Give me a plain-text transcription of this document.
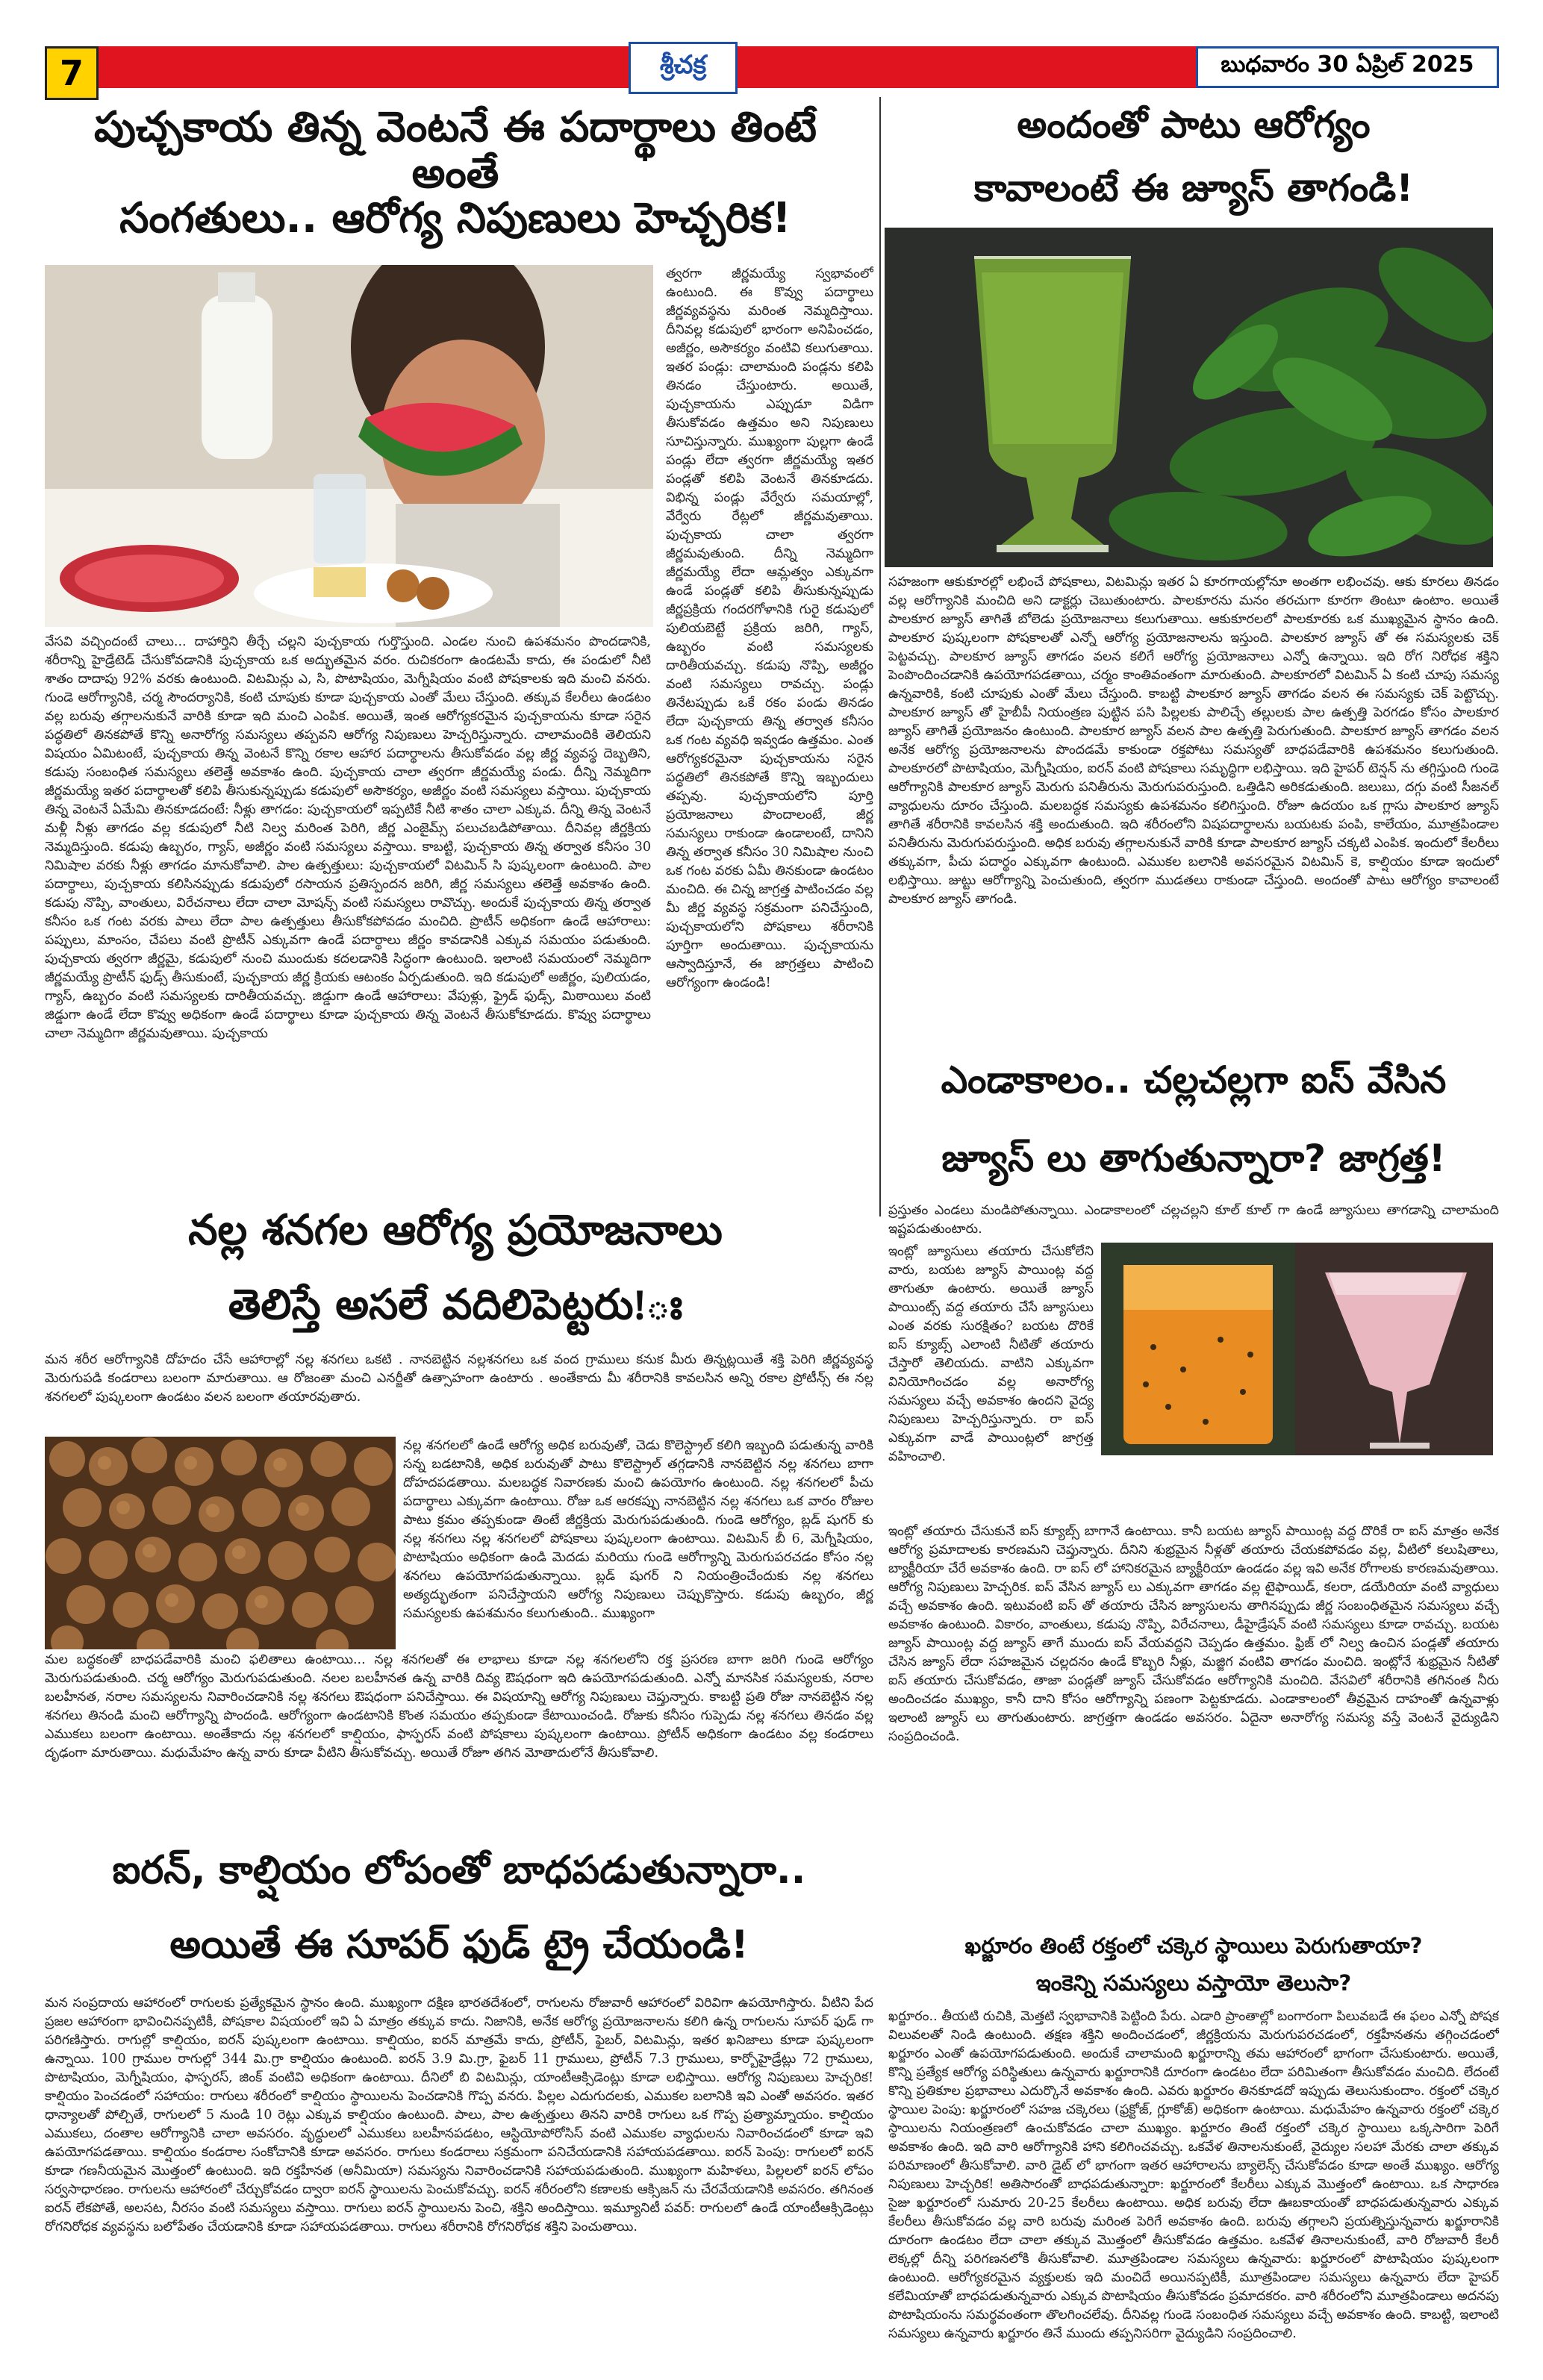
7	శ్రీచక్ర	బుధవారం 30 ఏప్రిల్ 2025
పుచ్చకాయ తిన్న వెంటనే ఈ పదార్థాలు తింటే అంతే
సంగతులు.. ఆరోగ్య నిపుణులు హెచ్చరిక!
త్వరగా జీర్ణమయ్యే స్వభావంలో ఉంటుంది. ఈ కొవ్వు పదార్థాలు జీర్ణవ్యవస్థను మరింత నెమ్మదిస్తాయి. దీనివల్ల కడుపులో భారంగా అనిపించడం, అజీర్ణం, అసౌకర్యం వంటివి కలుగుతాయి. ఇతర పండ్లు: చాలామంది పండ్లను కలిపి తినడం చేస్తుంటారు. అయితే, పుచ్చకాయను ఎప్పుడూ విడిగా తీసుకోవడం ఉత్తమం అని నిపుణులు సూచిస్తున్నారు. ముఖ్యంగా పుల్లగా ఉండే పండ్లు లేదా త్వరగా జీర్ణమయ్యే ఇతర పండ్లతో కలిపి వెంటనే తినకూడదు. విభిన్న పండ్లు వేర్వేరు సమయాల్లో, వేర్వేరు రేట్లలో జీర్ణమవుతాయి. పుచ్చకాయ చాలా త్వరగా జీర్ణమవుతుంది. దీన్ని నెమ్మదిగా జీర్ణమయ్యే లేదా ఆమ్లత్వం ఎక్కువగా ఉండే పండ్లతో కలిపి తీసుకున్నప్పుడు జీర్ణప్రక్రియ గందరగోళానికి గురై కడుపులో పులియబెట్టే ప్రక్రియ జరిగి, గ్యాస్, ఉబ్బరం వంటి సమస్యలకు దారితీయవచ్చు. కడుపు నొప్పి, అజీర్ణం వంటి సమస్యలు రావచ్చు. పండ్లు తినేటప్పుడు ఒకే రకం పండు తినడం లేదా పుచ్చకాయ తిన్న తర్వాత కనీసం ఒక గంట వ్యవధి ఇవ్వడం ఉత్తమం. ఎంత ఆరోగ్యకరమైనా పుచ్చకాయను సరైన పద్ధతిలో తినకపోతే కొన్ని ఇబ్బందులు తప్పవు. పుచ్చకాయలోని పూర్తి ప్రయోజనాలు పొందాలంటే, జీర్ణ సమస్యలు రాకుండా ఉండాలంటే, దానిని తిన్న తర్వాత కనీసం 30 నిమిషాల నుంచి ఒక గంట వరకు ఏమీ తినకుండా ఉండటం మంచిది. ఈ చిన్న జాగ్రత్త పాటించడం వల్ల మీ జీర్ణ వ్యవస్థ సక్రమంగా పనిచేస్తుంది, పుచ్చకాయలోని పోషకాలు శరీరానికి పూర్తిగా అందుతాయి. పుచ్చకాయను ఆస్వాదిస్తూనే, ఈ జాగ్రత్తలు పాటించి ఆరోగ్యంగా ఉండండి!
వేసవి వచ్చిందంటే చాలు... దాహార్తిని తీర్చే చల్లని పుచ్చకాయ గుర్తొస్తుంది. ఎండల నుంచి ఉపశమనం పొందడానికి, శరీరాన్ని హైడ్రేటెడ్ చేసుకోవడానికి పుచ్చకాయ ఒక అద్భుతమైన వరం. రుచికరంగా ఉండటమే కాదు, ఈ పండులో నీటి శాతం దాదాపు 92% వరకు ఉంటుంది. విటమిన్లు ఎ, సి, పొటాషియం, మెగ్నీషియం వంటి పోషకాలకు ఇది మంచి వనరు. గుండె ఆరోగ్యానికి, చర్మ సౌందర్యానికి, కంటి చూపుకు కూడా పుచ్చకాయ ఎంతో మేలు చేస్తుంది. తక్కువ కేలరీలు ఉండటం వల్ల బరువు తగ్గాలనుకునే వారికి కూడా ఇది మంచి ఎంపిక. అయితే, ఇంత ఆరోగ్యకరమైన పుచ్చకాయను కూడా సరైన పద్ధతిలో తినకపోతే కొన్ని అనారోగ్య సమస్యలు తప్పవని ఆరోగ్య నిపుణులు హెచ్చరిస్తున్నారు. చాలామందికి తెలియని విషయం ఏమిటంటే, పుచ్చకాయ తిన్న వెంటనే కొన్ని రకాల ఆహార పదార్థాలను తీసుకోవడం వల్ల జీర్ణ వ్యవస్థ దెబ్బతిని, కడుపు సంబంధిత సమస్యలు తలెత్తే అవకాశం ఉంది. పుచ్చకాయ చాలా త్వరగా జీర్ణమయ్యే పండు. దీన్ని నెమ్మదిగా జీర్ణమయ్యే ఇతర పదార్థాలతో కలిపి తీసుకున్నప్పుడు కడుపులో అసౌకర్యం, అజీర్ణం వంటి సమస్యలు వస్తాయి. పుచ్చకాయ తిన్న వెంటనే ఏమేమి తినకూడదంటే: నీళ్లు తాగడం: పుచ్చకాయలో ఇప్పటికే నీటి శాతం చాలా ఎక్కువ. దీన్ని తిన్న వెంటనే మళ్లీ నీళ్లు తాగడం వల్ల కడుపులో నీటి నిల్వ మరింత పెరిగి, జీర్ణ ఎంజైమ్స్ పలుచబడిపోతాయి. దీనివల్ల జీర్ణక్రియ నెమ్మదిస్తుంది. కడుపు ఉబ్బరం, గ్యాస్, అజీర్ణం వంటి సమస్యలు వస్తాయి. కాబట్టి, పుచ్చకాయ తిన్న తర్వాత కనీసం 30 నిమిషాల వరకు నీళ్లు తాగడం మానుకోవాలి. పాల ఉత్పత్తులు: పుచ్చకాయలో విటమిన్ సి పుష్కలంగా ఉంటుంది. పాల పదార్థాలు, పుచ్చకాయ కలిసినప్పుడు కడుపులో రసాయన ప్రతిస్పందన జరిగి, జీర్ణ సమస్యలు తలెత్తే అవకాశం ఉంది. కడుపు నొప్పి, వాంతులు, విరేచనాలు లేదా చాలా మోషన్స్ వంటి సమస్యలు రావొచ్చు. అందుకే పుచ్చకాయ తిన్న తర్వాత కనీసం ఒక గంట వరకు పాలు లేదా పాల ఉత్పత్తులు తీసుకోకపోవడం మంచిది. ప్రొటీన్ అధికంగా ఉండే ఆహారాలు: పప్పులు, మాంసం, చేపలు వంటి ప్రొటీన్ ఎక్కువగా ఉండే పదార్థాలు జీర్ణం కావడానికి ఎక్కువ సమయం పడుతుంది. పుచ్చకాయ త్వరగా జీర్ణమై, కడుపులో నుంచి ముందుకు కదలడానికి సిద్ధంగా ఉంటుంది. ఇలాంటి సమయంలో నెమ్మదిగా జీర్ణమయ్యే ప్రొటీన్ ఫుడ్స్ తీసుకుంటే, పుచ్చకాయ జీర్ణ క్రియకు ఆటంకం ఏర్పడుతుంది. ఇది కడుపులో అజీర్ణం, పులియడం, గ్యాస్, ఉబ్బరం వంటి సమస్యలకు దారితీయవచ్చు. జిడ్డుగా ఉండే ఆహారాలు: వేపుళ్లు, ఫ్రైడ్ ఫుడ్స్, మిఠాయిలు వంటి జిడ్డుగా ఉండే లేదా కొవ్వు అధికంగా ఉండే పదార్థాలు కూడా పుచ్చకాయ తిన్న వెంటనే తీసుకోకూడదు. కొవ్వు పదార్థాలు చాలా నెమ్మదిగా జీర్ణమవుతాయి. పుచ్చకాయ
నల్ల శనగల ఆరోగ్య ప్రయోజనాలు
తెలిస్తే అసలే వదిలిపెట్టరు!ః
మన శరీర ఆరోగ్యానికి దోహదం చేసే ఆహారాల్లో నల్ల శనగలు ఒకటి . నానబెట్టిన నల్లశనగలు ఒక వంద గ్రాములు కనుక మీరు తిన్నట్లయితే శక్తి పెరిగి జీర్ణవ్యవస్థ మెరుగుపడి కండరాలు బలంగా మారుతాయి. ఆ రోజంతా మంచి ఎనర్జీతో ఉత్సాహంగా ఉంటారు . అంతేకాదు మీ శరీరానికి కావలసిన అన్ని రకాల ప్రోటీన్స్ ఈ నల్ల శనగలలో పుష్కలంగా ఉండటం వలన బలంగా తయారవుతారు.
నల్ల శనగలలో ఉండే ఆరోగ్య అధిక బరువుతో, చెడు కొలెస్ట్రాల్ కలిగి ఇబ్బంది పడుతున్న వారికి సన్న బడటానికి, అధిక బరువుతో పాటు కొలెస్ట్రాల్ తగ్గడానికి నానబెట్టిన నల్ల శనగలు బాగా దోహదపడతాయి. మలబద్ధక నివారణకు మంచి ఉపయోగం ఉంటుంది. నల్ల శనగలలో పీచు పదార్థాలు ఎక్కువగా ఉంటాయి. రోజు ఒక ఆరకప్పు నానబెట్టిన నల్ల శనగలు ఒక వారం రోజుల పాటు క్రమం తప్పకుండా తింటే జీర్ణక్రియ మెరుగుపడుతుంది. గుండె ఆరోగ్యం, బ్లడ్ షుగర్ కు నల్ల శనగలు నల్ల శనగలలో పోషకాలు పుష్కలంగా ఉంటాయి. విటమిన్ బీ 6, మెగ్నీషియం, పొటాషియం అధికంగా ఉండి మెదడు మరియు గుండె ఆరోగ్యాన్ని మెరుగుపరచడం కోసం నల్ల శనగలు ఉపయోగపడుతున్నాయి. బ్లడ్ షుగర్ ని నియంత్రించేందుకు నల్ల శనగలు అత్యద్భుతంగా పనిచేస్తాయని ఆరోగ్య నిపుణులు చెప్పుకొస్తారు. కడుపు ఉబ్బరం, జీర్ణ సమస్యలకు ఉపశమనం కలుగుతుంది.. ముఖ్యంగా
మల బద్ధకంతో బాధపడేవారికి మంచి ఫలితాలు ఉంటాయి... నల్ల శనగలతో ఈ లాభాలు కూడా నల్ల శనగలలోని రక్త ప్రసరణ బాగా జరిగి గుండె ఆరోగ్యం మెరుగుపడుతుంది. చర్మ ఆరోగ్యం మెరుగుపడుతుంది. నలల బలహీనత ఉన్న వారికి దివ్య ఔషధంగా ఇది ఉపయోగపడుతుంది. ఎన్నో మానసిక సమస్యలకు, నరాల బలహీనత, నరాల సమస్యలను నివారించడానికి నల్ల శనగలు ఔషధంగా పనిచేస్తాయి. ఈ విషయాన్ని ఆరోగ్య నిపుణులు చెప్తున్నారు. కాబట్టి ప్రతి రోజు నానబెట్టిన నల్ల శనగలు తినండి మంచి ఆరోగ్యాన్ని పొందండి. ఆరోగ్యంగా ఉండటానికి కొంత సమయం తప్పకుండా కేటాయించండి. రోజుకు కనీసం గుప్పెడు నల్ల శనగలు తినడం వల్ల ఎముకలు బలంగా ఉంటాయి. అంతేకాదు నల్ల శనగలలో కాల్షియం, ఫాస్ఫరస్ వంటి పోషకాలు పుష్కలంగా ఉంటాయి. ప్రోటీన్ అధికంగా ఉండటం వల్ల కండరాలు దృఢంగా మారుతాయి. మధుమేహం ఉన్న వారు కూడా వీటిని తీసుకోవచ్చు. అయితే రోజూ తగిన మోతాదులోనే తీసుకోవాలి.
ఐరన్, కాల్షియం లోపంతో బాధపడుతున్నారా..
అయితే ఈ సూపర్ ఫుడ్ ట్రై చేయండి!
మన సంప్రదాయ ఆహారంలో రాగులకు ప్రత్యేకమైన స్థానం ఉంది. ముఖ్యంగా దక్షిణ భారతదేశంలో, రాగులను రోజువారీ ఆహారంలో విరివిగా ఉపయోగిస్తారు. వీటిని పేద ప్రజల ఆహారంగా భావించినప్పటికీ, పోషకాల విషయంలో ఇవి ఏ మాత్రం తక్కువ కాదు. నిజానికి, అనేక ఆరోగ్య ప్రయోజనాలను కలిగి ఉన్న రాగులను సూపర్ ఫుడ్ గా పరిగణిస్తారు. రాగుల్లో కాల్షియం, ఐరన్ పుష్కలంగా ఉంటాయి. కాల్షియం, ఐరన్ మాత్రమే కాదు, ప్రోటీన్, ఫైబర్, విటమిన్లు, ఇతర ఖనిజాలు కూడా పుష్కలంగా ఉన్నాయి. 100 గ్రాముల రాగుల్లో 344 మి.గ్రా కాల్షియం ఉంటుంది. ఐరన్ 3.9 మి.గ్రా, ఫైబర్ 11 గ్రాములు, ప్రోటీన్ 7.3 గ్రాములు, కార్బోహైడ్రేట్లు 72 గ్రాములు, పొటాషియం, మెగ్నీషియం, ఫాస్ఫరస్, జింక్ వంటివి అధికంగా ఉంటాయి. దీనిలో బి విటమిన్లు, యాంటీఆక్సిడెంట్లు కూడా లభిస్తాయి. ఆరోగ్య నిపుణులు హెచ్చరిక! కాల్షియం పెంచడంలో సహాయం: రాగులు శరీరంలో కాల్షియం స్థాయిలను పెంచడానికి గొప్ప వనరు. పిల్లల ఎదుగుదలకు, ఎముకల బలానికి ఇవి ఎంతో అవసరం. ఇతర ధాన్యాలతో పోల్చితే, రాగులలో 5 నుండి 10 రెట్లు ఎక్కువ కాల్షియం ఉంటుంది. పాలు, పాల ఉత్పత్తులు తినని వారికి రాగులు ఒక గొప్ప ప్రత్యామ్నాయం. కాల్షియం ఎముకలు, దంతాల ఆరోగ్యానికి చాలా అవసరం. వృద్ధులలో ఎముకలు బలహీనపడటం, ఆస్టియోపోరోసిస్ వంటి ఎముకల వ్యాధులను నివారించడంలో కూడా ఇవి ఉపయోగపడతాయి. కాల్షియం కండరాల సంకోచానికి కూడా అవసరం. రాగులు కండరాలు సక్రమంగా పనిచేయడానికి సహాయపడతాయి. ఐరన్ పెంపు: రాగులలో ఐరన్ కూడా గణనీయమైన మొత్తంలో ఉంటుంది. ఇది రక్తహీనత (అనీమియా) సమస్యను నివారించడానికి సహాయపడుతుంది. ముఖ్యంగా మహిళలు, పిల్లలలో ఐరన్ లోపం సర్వసాధారణం. రాగులను ఆహారంలో చేర్చుకోవడం ద్వారా ఐరన్ స్థాయిలను పెంచుకోవచ్చు. ఐరన్ శరీరంలోని కణాలకు ఆక్సిజన్ ను చేరవేయడానికి అవసరం. తగినంత ఐరన్ లేకపోతే, అలసట, నీరసం వంటి సమస్యలు వస్తాయి. రాగులు ఐరన్ స్థాయిలను పెంచి, శక్తిని అందిస్తాయి. ఇమ్యూనిటీ పవర్: రాగులలో ఉండే యాంటీఆక్సిడెంట్లు రోగనిరోధక వ్యవస్థను బలోపేతం చేయడానికి కూడా సహాయపడతాయి. రాగులు శరీరానికి రోగనిరోధక శక్తిని పెంచుతాయి.
అందంతో పాటు ఆరోగ్యం
కావాలంటే ఈ జ్యూస్ తాగండి!
సహజంగా ఆకుకూరల్లో లభించే పోషకాలు, విటమిన్లు ఇతర ఏ కూరగాయల్లోనూ అంతగా లభించవు. ఆకు కూరలు తినడం వల్ల ఆరోగ్యానికి మంచిది అని డాక్టర్లు చెబుతుంటారు. పాలకూరను మనం తరచుగా కూరగా తింటూ ఉంటాం. అయితే పాలకూర జ్యూస్ తాగితే బోలెడు ప్రయోజనాలు కలుగుతాయి. ఆకుకూరలలో పాలకూరకు ఒక ముఖ్యమైన స్థానం ఉంది. పాలకూర పుష్కలంగా పోషకాలతో ఎన్నో ఆరోగ్య ప్రయోజనాలను ఇస్తుంది. పాలకూర జ్యూస్ తో ఈ సమస్యలకు చెక్ పెట్టవచ్చు. పాలకూర జ్యూస్ తాగడం వలన కలిగే ఆరోగ్య ప్రయోజనాలు ఎన్నో ఉన్నాయి. ఇది రోగ నిరోధక శక్తిని పెంపొందించడానికి ఉపయోగపడతాయి, చర్మం కాంతివంతంగా మారుతుంది. పాలకూరలో విటమిన్ ఏ కంటి చూపు సమస్య ఉన్నవారికి, కంటి చూపుకు ఎంతో మేలు చేస్తుంది. కాబట్టి పాలకూర జ్యూస్ తాగడం వలన ఈ సమస్యకు చెక్ పెట్టొచ్చు. పాలకూర జ్యూస్ తో హైబీపీ నియంత్రణ పుట్టిన పసి పిల్లలకు పాలిచ్చే తల్లులకు పాల ఉత్పత్తి పెరగడం కోసం పాలకూర జ్యూస్ తాగితే ప్రయోజనం ఉంటుంది. పాలకూర జ్యూస్ వలన పాల ఉత్పత్తి పెరుగుతుంది. పాలకూర జ్యూస్ తాగడం వలన అనేక ఆరోగ్య ప్రయోజనాలను పొందడమే కాకుండా రక్తపోటు సమస్యతో బాధపడేవారికి ఉపశమనం కలుగుతుంది. పాలకూరలో పొటాషియం, మెగ్నీషియం, ఐరన్ వంటి పోషకాలు సమృద్ధిగా లభిస్తాయి. ఇది హైపర్ టెన్షన్ ను తగ్గిస్తుంది గుండె ఆరోగ్యానికి పాలకూర జ్యూస్ మెరుగు పనితీరును మెరుగుపరుస్తుంది. ఒత్తిడిని అరికడుతుంది. జలుబు, దగ్గు వంటి సీజనల్ వ్యాధులను దూరం చేస్తుంది. మలబద్ధక సమస్యకు ఉపశమనం కలిగిస్తుంది. రోజూ ఉదయం ఒక గ్లాసు పాలకూర జ్యూస్ తాగితే శరీరానికి కావలసిన శక్తి అందుతుంది. ఇది శరీరంలోని విషపదార్థాలను బయటకు పంపి, కాలేయం, మూత్రపిండాల పనితీరును మెరుగుపరుస్తుంది. అధిక బరువు తగ్గాలనుకునే వారికి కూడా పాలకూర జ్యూస్ చక్కటి ఎంపిక. ఇందులో కేలరీలు తక్కువగా, పీచు పదార్థం ఎక్కువగా ఉంటుంది. ఎముకల బలానికి అవసరమైన విటమిన్ కె, కాల్షియం కూడా ఇందులో లభిస్తాయి. జుట్టు ఆరోగ్యాన్ని పెంచుతుంది, త్వరగా ముడతలు రాకుండా చేస్తుంది. అందంతో పాటు ఆరోగ్యం కావాలంటే పాలకూర జ్యూస్ తాగండి.
ఎండాకాలం.. చల్లచల్లగా ఐస్ వేసిన
జ్యూస్ లు తాగుతున్నారా? జాగ్రత్త!
ప్రస్తుతం ఎండలు మండిపోతున్నాయి. ఎండాకాలంలో చల్లచల్లని కూల్ కూల్ గా ఉండే జ్యూసులు తాగడాన్ని చాలామంది ఇష్టపడుతుంటారు.
ఇంట్లో జ్యూసులు తయారు చేసుకోలేని వారు, బయట జ్యూస్ పాయింట్ల వద్ద తాగుతూ ఉంటారు. అయితే జ్యూస్ పాయింట్స్ వద్ద తయారు చేసే జ్యూసులు ఎంత వరకు సురక్షితం? బయట దొరికే ఐస్ క్యూబ్స్ ఎలాంటి నీటితో తయారు చేస్తారో తెలియదు. వాటిని ఎక్కువగా వినియోగించడం వల్ల అనారోగ్య సమస్యలు వచ్చే అవకాశం ఉందని వైద్య నిపుణులు హెచ్చరిస్తున్నారు. రా ఐస్ ఎక్కువగా వాడే పాయింట్లలో జాగ్రత్త వహించాలి.
ఇంట్లో తయారు చేసుకునే ఐస్ క్యూబ్స్ బాగానే ఉంటాయి. కానీ బయట జ్యూస్ పాయింట్ల వద్ద దొరికే రా ఐస్ మాత్రం అనేక ఆరోగ్య ప్రమాదాలకు కారణమని చెప్తున్నారు. దీనిని శుభ్రమైన నీళ్లతో తయారు చేయకపోవడం వల్ల, వీటిలో కలుషితాలు, బ్యాక్టీరియా చేరే అవకాశం ఉంది. రా ఐస్ లో హానికరమైన బ్యాక్టీరియా ఉండడం వల్ల ఇవి అనేక రోగాలకు కారణమవుతాయి. ఆరోగ్య నిపుణులు హెచ్చరిక. ఐస్ వేసిన జ్యూస్ లు ఎక్కువగా తాగడం వల్ల టైఫాయిడ్, కలరా, డయేరియా వంటి వ్యాధులు వచ్చే అవకాశం ఉంది. ఇటువంటి ఐస్ తో తయారు చేసిన జ్యూసులను తాగినప్పుడు జీర్ణ సంబంధితమైన సమస్యలు వచ్చే అవకాశం ఉంటుంది. వికారం, వాంతులు, కడుపు నొప్పి, విరేచనాలు, డీహైడ్రేషన్ వంటి సమస్యలు కూడా రావచ్చు. బయట జ్యూస్ పాయింట్ల వద్ద జ్యూస్ తాగే ముందు ఐస్ వేయవద్దని చెప్పడం ఉత్తమం. ఫ్రిజ్ లో నిల్వ ఉంచిన పండ్లతో తయారు చేసిన జ్యూస్ లేదా సహజమైన చల్లదనం ఉండే కొబ్బరి నీళ్లు, మజ్జిగ వంటివి తాగడం మంచిది. ఇంట్లోనే శుభ్రమైన నీటితో ఐస్ తయారు చేసుకోవడం, తాజా పండ్లతో జ్యూస్ చేసుకోవడం ఆరోగ్యానికి మంచిది. వేసవిలో శరీరానికి తగినంత నీరు అందించడం ముఖ్యం, కానీ దాని కోసం ఆరోగ్యాన్ని పణంగా పెట్టకూడదు. ఎండాకాలంలో తీవ్రమైన దాహంతో ఉన్నవాళ్లు ఇలాంటి జ్యూస్ లు తాగుతుంటారు. జాగ్రత్తగా ఉండడం అవసరం. ఏదైనా అనారోగ్య సమస్య వస్తే వెంటనే వైద్యుడిని సంప్రదించండి.
ఖర్జూరం తింటే రక్తంలో చక్కెర స్థాయిలు పెరుగుతాయా?
ఇంకెన్ని సమస్యలు వస్తాయో తెలుసా?
ఖర్జూరం.. తీయటి రుచికి, మెత్తటి స్వభావానికి పెట్టింది పేరు. ఎడారి ప్రాంతాల్లో బంగారంగా పిలువబడే ఈ ఫలం ఎన్నో పోషక విలువలతో నిండి ఉంటుంది. తక్షణ శక్తిని అందించడంలో, జీర్ణక్రియను మెరుగుపరచడంలో, రక్తహీనతను తగ్గించడంలో ఖర్జూరం ఎంతో ఉపయోగపడుతుంది. అందుకే చాలామంది ఖర్జూరాన్ని తమ ఆహారంలో భాగంగా చేసుకుంటారు. అయితే, కొన్ని ప్రత్యేక ఆరోగ్య పరిస్థితులు ఉన్నవారు ఖర్జూరానికి దూరంగా ఉండటం లేదా పరిమితంగా తీసుకోవడం మంచిది. లేదంటే కొన్ని ప్రతికూల ప్రభావాలు ఎదుర్కొనే అవకాశం ఉంది. ఎవరు ఖర్జూరం తినకూడదో ఇప్పుడు తెలుసుకుందాం. రక్తంలో చక్కెర స్థాయిల పెంపు: ఖర్జూరంలో సహజ చక్కెరలు (ఫ్రక్టోజ్, గ్లూకోజ్) అధికంగా ఉంటాయి. మధుమేహం ఉన్నవారు రక్తంలో చక్కెర స్థాయిలను నియంత్రణలో ఉంచుకోవడం చాలా ముఖ్యం. ఖర్జూరం తింటే రక్తంలో చక్కెర స్థాయిలు ఒక్కసారిగా పెరిగే అవకాశం ఉంది. ఇది వారి ఆరోగ్యానికి హాని కలిగించవచ్చు. ఒకవేళ తినాలనుకుంటే, వైద్యుల సలహా మేరకు చాలా తక్కువ పరిమాణంలో తీసుకోవాలి. వారి డైట్ లో భాగంగా ఇతర ఆహారాలను బ్యాలెన్స్ చేసుకోవడం కూడా అంతే ముఖ్యం. ఆరోగ్య నిపుణులు హెచ్చరిక! అతిసారంతో బాధపడుతున్నారా: ఖర్జూరంలో కేలరీలు ఎక్కువ మొత్తంలో ఉంటాయి. ఒక సాధారణ సైజు ఖర్జూరంలో సుమారు 20-25 కేలరీలు ఉంటాయి. అధిక బరువు లేదా ఊబకాయంతో బాధపడుతున్నవారు ఎక్కువ కేలరీలు తీసుకోవడం వల్ల వారి బరువు మరింత పెరిగే అవకాశం ఉంది. బరువు తగ్గాలని ప్రయత్నిస్తున్నవారు ఖర్జూరానికి దూరంగా ఉండటం లేదా చాలా తక్కువ మొత్తంలో తీసుకోవడం ఉత్తమం. ఒకవేళ తినాలనుకుంటే, వారి రోజువారీ కేలరీ లెక్కల్లో దీన్ని పరిగణనలోకి తీసుకోవాలి. మూత్రపిండాల సమస్యలు ఉన్నవారు: ఖర్జూరంలో పొటాషియం పుష్కలంగా ఉంటుంది. ఆరోగ్యకరమైన వ్యక్తులకు ఇది మంచిదే అయినప్పటికీ, మూత్రపిండాల సమస్యలు ఉన్నవారు లేదా హైపర్ కలేమియాతో బాధపడుతున్నవారు ఎక్కువ పొటాషియం తీసుకోవడం ప్రమాదకరం. వారి శరీరంలోని మూత్రపిండాలు అదనపు పొటాషియంను సమర్థవంతంగా తొలగించలేవు. దీనివల్ల గుండె సంబంధిత సమస్యలు వచ్చే అవకాశం ఉంది. కాబట్టి, ఇలాంటి సమస్యలు ఉన్నవారు ఖర్జూరం తినే ముందు తప్పనిసరిగా వైద్యుడిని సంప్రదించాలి.
